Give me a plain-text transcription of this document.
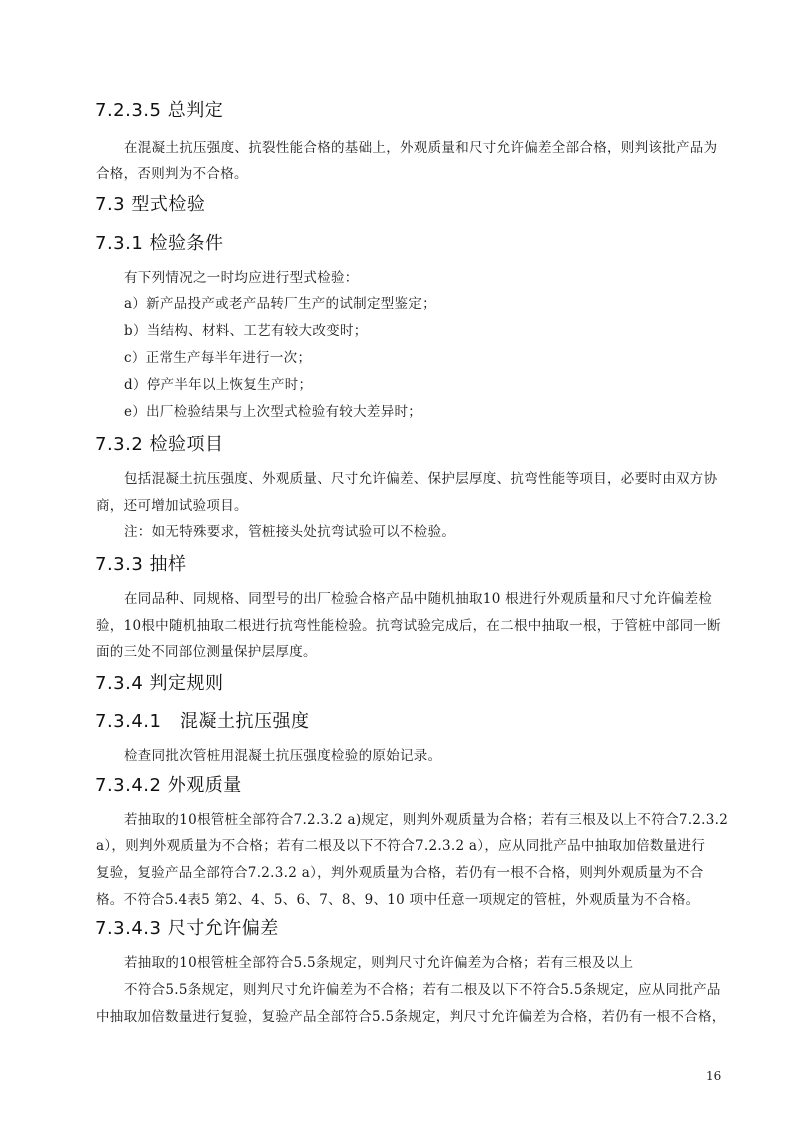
7.2.3.5 总判定
在混凝土抗压强度、抗裂性能合格的基础上，外观质量和尺寸允许偏差全部合格，则判该批产品为
合格，否则判为不合格。
7.3 型式检验
7.3.1 检验条件
有下列情况之一时均应进行型式检验：
a）新产品投产或老产品转厂生产的试制定型鉴定；
b）当结构、材料、工艺有较大改变时；
c）正常生产每半年进行一次；
d）停产半年以上恢复生产时；
e）出厂检验结果与上次型式检验有较大差异时；
7.3.2 检验项目
包括混凝土抗压强度、外观质量、尺寸允许偏差、保护层厚度、抗弯性能等项目，必要时由双方协
商，还可增加试验项目。
注：如无特殊要求，管桩接头处抗弯试验可以不检验。
7.3.3 抽样
在同品种、同规格、同型号的出厂检验合格产品中随机抽取10 根进行外观质量和尺寸允许偏差检
验，10根中随机抽取二根进行抗弯性能检验。抗弯试验完成后，在二根中抽取一根，于管桩中部同一断
面的三处不同部位测量保护层厚度。
7.3.4 判定规则
7.3.4.1　混凝土抗压强度
检查同批次管桩用混凝土抗压强度检验的原始记录。
7.3.4.2 外观质量
若抽取的10根管桩全部符合7.2.3.2 a)规定，则判外观质量为合格；若有三根及以上不符合7.2.3.2
a），则判外观质量为不合格；若有二根及以下不符合7.2.3.2 a），应从同批产品中抽取加倍数量进行
复验，复验产品全部符合7.2.3.2 a），判外观质量为合格，若仍有一根不合格，则判外观质量为不合
格。不符合5.4表5 第2、4、5、6、7、8、9、10 项中任意一项规定的管桩，外观质量为不合格。
7.3.4.3 尺寸允许偏差
若抽取的10根管桩全部符合5.5条规定，则判尺寸允许偏差为合格；若有三根及以上
不符合5.5条规定，则判尺寸允许偏差为不合格；若有二根及以下不符合5.5条规定，应从同批产品
中抽取加倍数量进行复验，复验产品全部符合5.5条规定，判尺寸允许偏差为合格，若仍有一根不合格，
16
